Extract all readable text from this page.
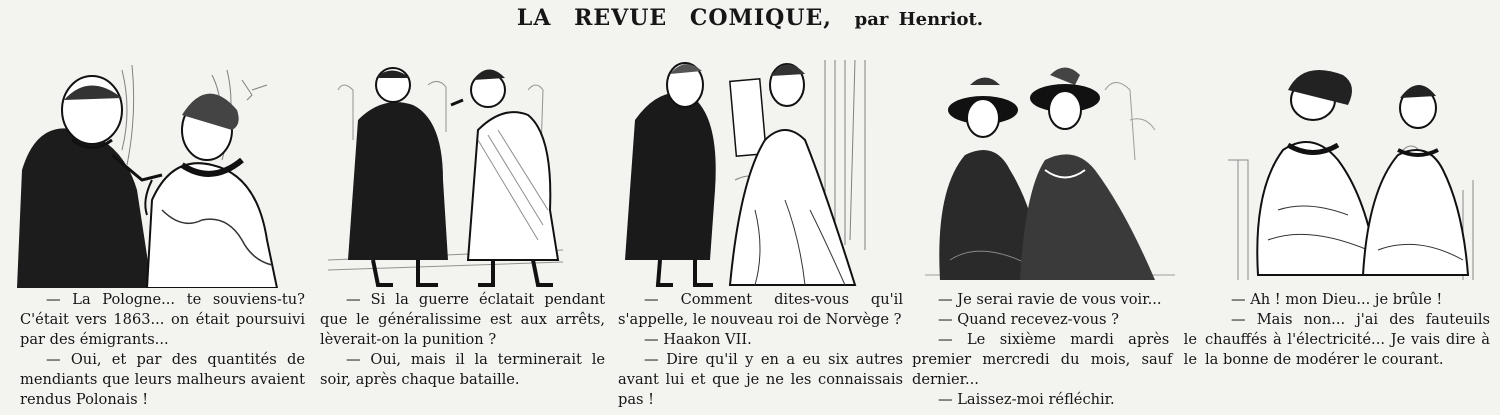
LA REVUE COMIQUE, par Henriot.

— La Pologne... te souviens-tu? C'était vers 1863... on était poursuivi par des émigrants...

— Oui, et par des quantités de mendiants que leurs malheurs avaient rendus Polonais !

— Si la guerre éclatait pendant que le généralissime est aux arrêts, lèverait-on la punition ?

— Oui, mais il la terminerait le soir, après chaque bataille.

— Comment dites-vous qu'il s'appelle, le nouveau roi de Norvège ?

— Haakon VII.

— Dire qu'il y en a eu six autres avant lui et que je ne les connaissais pas !

— Je serai ravie de vous voir...

— Quand recevez-vous ?

— Le sixième mardi après le premier mercredi du mois, sauf le dernier...

— Laissez-moi réfléchir.

— Ah ! mon Dieu... je brûle !

— Mais non... j'ai des fauteuils chauffés à l'électricité... Je vais dire à la bonne de modérer le courant.
